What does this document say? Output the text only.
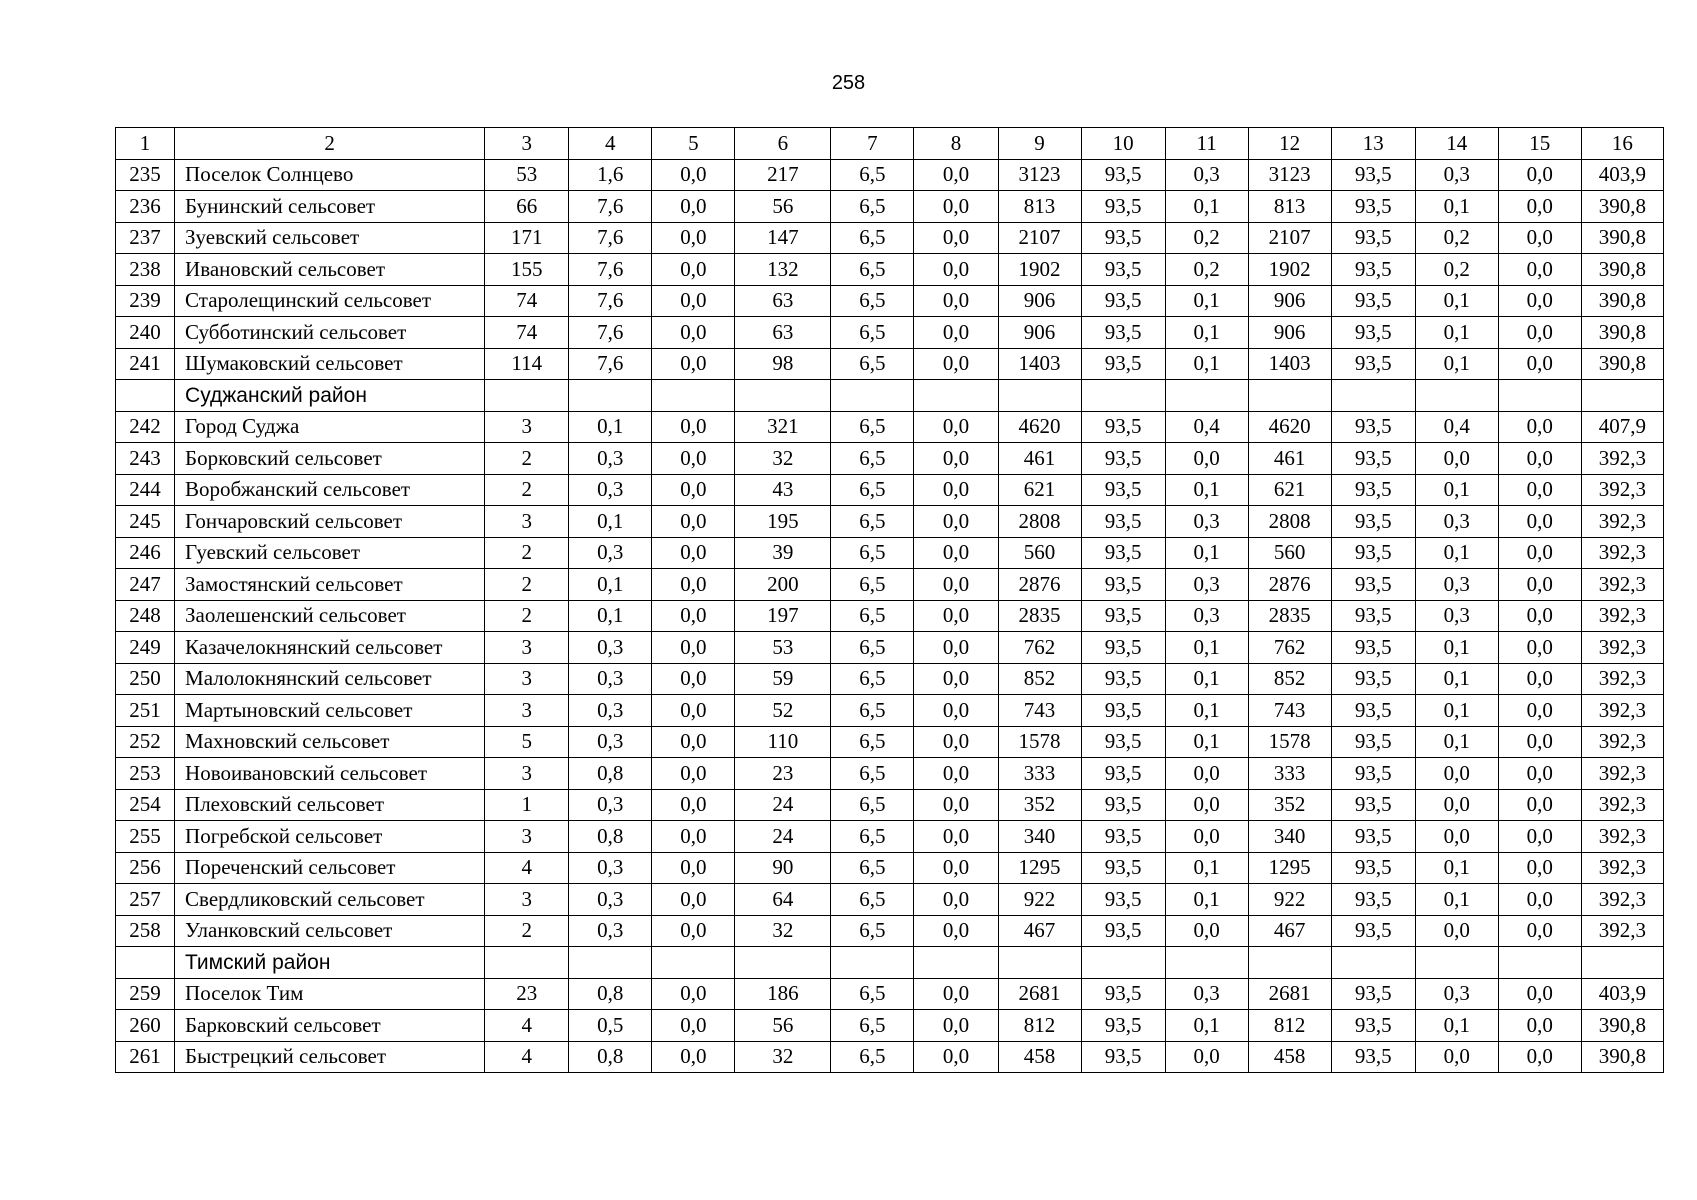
258
1	2	3	4	5	6	7	8	9	10	11	12	13	14	15	16
235	Поселок Солнцево	53	1,6	0,0	217	6,5	0,0	3123	93,5	0,3	3123	93,5	0,3	0,0	403,9
236	Бунинский сельсовет	66	7,6	0,0	56	6,5	0,0	813	93,5	0,1	813	93,5	0,1	0,0	390,8
237	Зуевский сельсовет	171	7,6	0,0	147	6,5	0,0	2107	93,5	0,2	2107	93,5	0,2	0,0	390,8
238	Ивановский сельсовет	155	7,6	0,0	132	6,5	0,0	1902	93,5	0,2	1902	93,5	0,2	0,0	390,8
239	Старолещинский сельсовет	74	7,6	0,0	63	6,5	0,0	906	93,5	0,1	906	93,5	0,1	0,0	390,8
240	Субботинский сельсовет	74	7,6	0,0	63	6,5	0,0	906	93,5	0,1	906	93,5	0,1	0,0	390,8
241	Шумаковский сельсовет	114	7,6	0,0	98	6,5	0,0	1403	93,5	0,1	1403	93,5	0,1	0,0	390,8
	Суджанский район														
242	Город Суджа	3	0,1	0,0	321	6,5	0,0	4620	93,5	0,4	4620	93,5	0,4	0,0	407,9
243	Борковский сельсовет	2	0,3	0,0	32	6,5	0,0	461	93,5	0,0	461	93,5	0,0	0,0	392,3
244	Воробжанский сельсовет	2	0,3	0,0	43	6,5	0,0	621	93,5	0,1	621	93,5	0,1	0,0	392,3
245	Гончаровский сельсовет	3	0,1	0,0	195	6,5	0,0	2808	93,5	0,3	2808	93,5	0,3	0,0	392,3
246	Гуевский сельсовет	2	0,3	0,0	39	6,5	0,0	560	93,5	0,1	560	93,5	0,1	0,0	392,3
247	Замостянский сельсовет	2	0,1	0,0	200	6,5	0,0	2876	93,5	0,3	2876	93,5	0,3	0,0	392,3
248	Заолешенский сельсовет	2	0,1	0,0	197	6,5	0,0	2835	93,5	0,3	2835	93,5	0,3	0,0	392,3
249	Казачелокнянский сельсовет	3	0,3	0,0	53	6,5	0,0	762	93,5	0,1	762	93,5	0,1	0,0	392,3
250	Малолокнянский сельсовет	3	0,3	0,0	59	6,5	0,0	852	93,5	0,1	852	93,5	0,1	0,0	392,3
251	Мартыновский сельсовет	3	0,3	0,0	52	6,5	0,0	743	93,5	0,1	743	93,5	0,1	0,0	392,3
252	Махновский сельсовет	5	0,3	0,0	110	6,5	0,0	1578	93,5	0,1	1578	93,5	0,1	0,0	392,3
253	Новоивановский сельсовет	3	0,8	0,0	23	6,5	0,0	333	93,5	0,0	333	93,5	0,0	0,0	392,3
254	Плеховский сельсовет	1	0,3	0,0	24	6,5	0,0	352	93,5	0,0	352	93,5	0,0	0,0	392,3
255	Погребской сельсовет	3	0,8	0,0	24	6,5	0,0	340	93,5	0,0	340	93,5	0,0	0,0	392,3
256	Пореченский сельсовет	4	0,3	0,0	90	6,5	0,0	1295	93,5	0,1	1295	93,5	0,1	0,0	392,3
257	Свердликовский сельсовет	3	0,3	0,0	64	6,5	0,0	922	93,5	0,1	922	93,5	0,1	0,0	392,3
258	Уланковский сельсовет	2	0,3	0,0	32	6,5	0,0	467	93,5	0,0	467	93,5	0,0	0,0	392,3
	Тимский район														
259	Поселок Тим	23	0,8	0,0	186	6,5	0,0	2681	93,5	0,3	2681	93,5	0,3	0,0	403,9
260	Барковский сельсовет	4	0,5	0,0	56	6,5	0,0	812	93,5	0,1	812	93,5	0,1	0,0	390,8
261	Быстрецкий сельсовет	4	0,8	0,0	32	6,5	0,0	458	93,5	0,0	458	93,5	0,0	0,0	390,8
